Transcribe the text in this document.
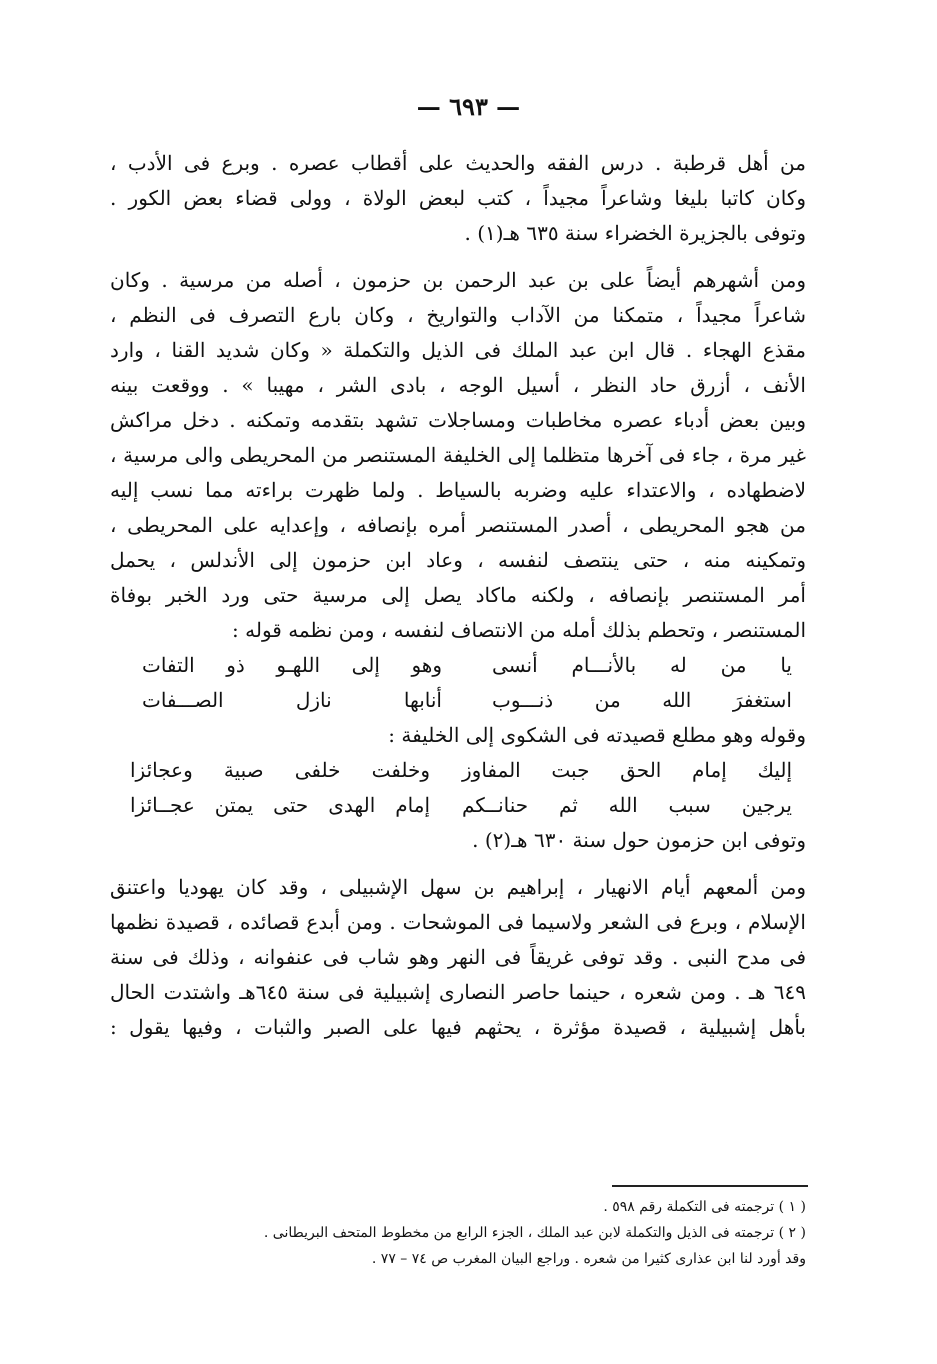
— ٦٩٣ —
من أهل قرطبة . درس الفقه والحديث على أقطاب عصره . وبرع فى الأدب ،
وكان كاتبا بليغا وشاعراً مجيداً ، كتب لبعض الولاة ، وولى قضاء بعض الكور .
وتوفى بالجزيرة الخضراء سنة ٦٣٥ هـ(١) .
ومن أشهرهم أيضاً على بن عبد الرحمن بن حزمون ، أصله من مرسية . وكان
شاعراً مجيداً ، متمكنا من الآداب والتواريخ ، وكان بارع التصرف فى النظم ،
مقذع الهجاء . قال ابن عبد الملك فى الذيل والتكملة « وكان شديد القنا ، وارد
الأنف ، أزرق حاد النظر ، أسيل الوجه ، بادى الشر ، مهيبا » . ووقعت بينه
وبين بعض أدباء عصره مخاطبات ومساجلات تشهد بتقدمه وتمكنه . دخل مراكش
غير مرة ، جاء فى آخرها متظلما إلى الخليفة المستنصر من المحريطى والى مرسية ،
لاضطهاده ، والاعتداء عليه وضربه بالسياط . ولما ظهرت براءته مما نسب إليه
من هجو المحريطى ، أصدر المستنصر أمره بإنصافه ، وإعدايه على المحريطى ،
وتمكينه منه ، حتى ينتصف لنفسه ، وعاد ابن حزمون إلى الأندلس ، يحمل
أمر المستنصر بإنصافه ، ولكنه ماكاد يصل إلى مرسية حتى ورد الخبر بوفاة
المستنصر ، وتحطم بذلك أمله من الانتصاف لنفسه ، ومن نظمه قوله :
يا من له بالأنـــام أنسى
وهو إلى اللهـو ذو التفات
استغفرَ الله من ذنـــوب
أنابها نازل الصـــفات
وقوله وهو مطلع قصيدته فى الشكوى إلى الخليفة :
إليك إمام الحق جبت المفاوز
وخلفت خلفى صبية وعجائزا
يرجين سبب الله ثم حنانــكم
إمام الهدى حتى يمتن عجــائزا
وتوفى ابن حزمون حول سنة ٦٣٠ هـ(٢) .
ومن ألمعهم أيام الانهيار ، إبراهيم بن سهل الإشبيلى ، وقد كان يهوديا واعتنق
الإسلام ، وبرع فى الشعر ولاسيما فى الموشحات . ومن أبدع قصائده ، قصيدة نظمها
فى مدح النبى . وقد توفى غريقاً فى النهر وهو شاب فى عنفوانه ، وذلك فى سنة
٦٤٩ هـ . ومن شعره ، حينما حاصر النصارى إشبيلية فى سنة ٦٤٥هـ واشتدت الحال
بأهل إشبيلية ، قصيدة مؤثرة ، يحثهم فيها على الصبر والثبات ، وفيها يقول :
( ١ ) ترجمته فى التكملة رقم ٥٩٨ .
( ٢ ) ترجمته فى الذيل والتكملة لابن عبد الملك ، الجزء الرابع من مخطوط المتحف البريطانى .
وقد أورد لنا ابن عذارى كثيرا من شعره . وراجع البيان المغرب ص ٧٤ – ٧٧ .
